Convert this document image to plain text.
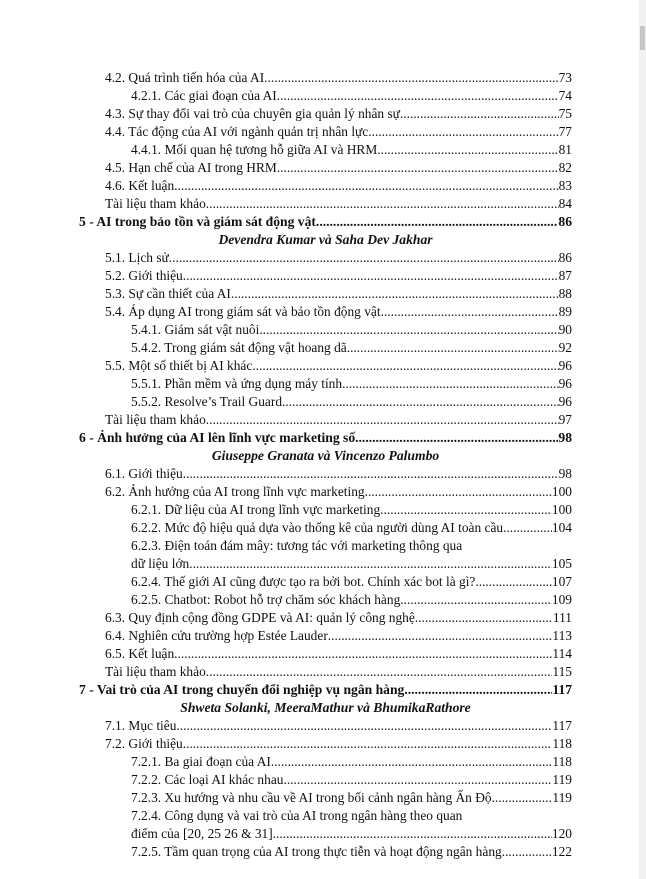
4.2. Quá trình tiến hóa của AI .....	73
4.2.1. Các giai đoạn của AI .....	74
4.3. Sự thay đổi vai trò của chuyên gia quản lý nhân sự .....	75
4.4. Tác động của AI với ngành quản trị nhân lực .....	77
4.4.1. Mối quan hệ tương hỗ giữa AI và HRM .....	81
4.5. Hạn chế của AI trong HRM .....	82
4.6. Kết luận .....	83
Tài liệu tham khảo .....	84
5 - AI trong bảo tồn và giám sát động vật .....	86
Devendra Kumar và Saha Dev Jakhar
5.1. Lịch sử .....	86
5.2. Giới thiệu .....	87
5.3. Sự cần thiết của AI .....	88
5.4. Áp dụng AI trong giám sát và bảo tồn động vật .....	89
5.4.1. Giám sát vật nuôi .....	90
5.4.2. Trong giám sát động vật hoang dã .....	92
5.5. Một số thiết bị AI khác .....	96
5.5.1. Phần mềm và ứng dụng máy tính .....	96
5.5.2. Resolve’s Trail Guard .....	96
Tài liệu tham khảo .....	97
6 - Ảnh hưởng của AI lên lĩnh vực marketing số .....	98
Giuseppe Granata và Vincenzo Palumbo
6.1. Giới thiệu .....	98
6.2. Ảnh hưởng của AI trong lĩnh vực marketing .....	100
6.2.1. Dữ liệu của AI trong lĩnh vực marketing .....	100
6.2.2. Mức độ hiệu quả dựa vào thống kê của người dùng AI toàn cầu .....	104
6.2.3. Điện toán đám mây: tương tác với marketing thông qua
dữ liệu lớn .....	105
6.2.4. Thế giới AI cũng được tạo ra bởi bot. Chính xác bot là gì? .....	107
6.2.5. Chatbot: Robot hỗ trợ chăm sóc khách hàng .....	109
6.3. Quy định cộng đồng GDPE và AI: quản lý công nghệ .....	111
6.4. Nghiên cứu trường hợp Estée Lauder .....	113
6.5. Kết luận .....	114
Tài liệu tham khảo .....	115
7 - Vai trò của AI trong chuyển đổi nghiệp vụ ngân hàng .....	117
Shweta Solanki, MeeraMathur và BhumikaRathore
7.1. Mục tiêu .....	117
7.2. Giới thiệu .....	118
7.2.1. Ba giai đoạn của AI .....	118
7.2.2. Các loại AI khác nhau .....	119
7.2.3. Xu hướng và nhu cầu về AI trong bối cảnh ngân hàng Ấn Độ .....	119
7.2.4. Công dụng và vai trò của AI trong ngân hàng theo quan
điểm của [20, 25 26 & 31] .....	120
7.2.5. Tầm quan trọng của AI trong thực tiễn và hoạt động ngân hàng .....	122
